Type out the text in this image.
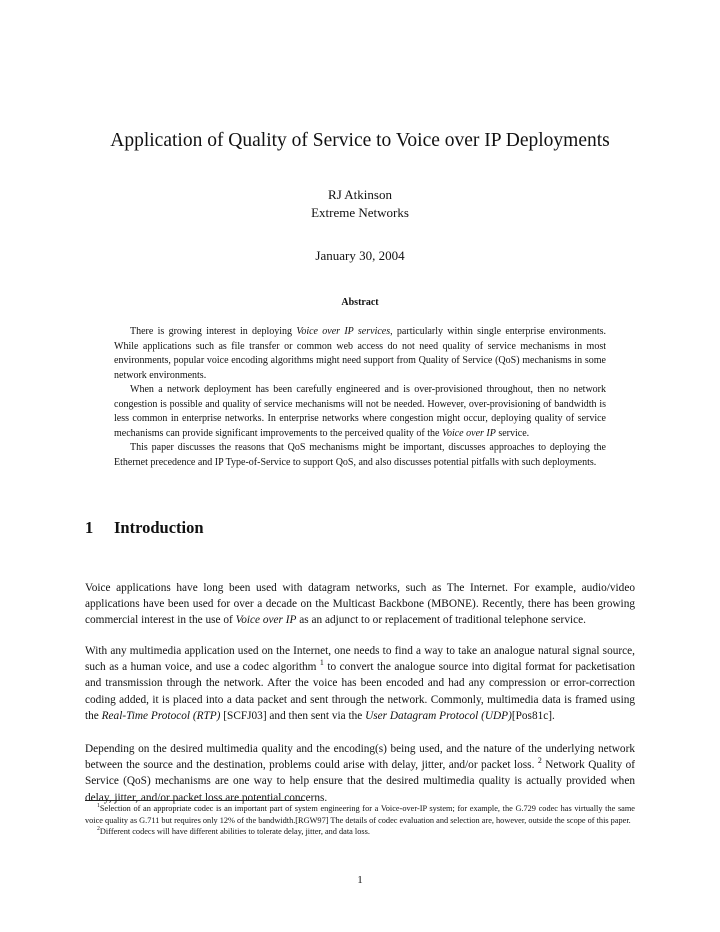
Application of Quality of Service to Voice over IP Deployments
RJ Atkinson
Extreme Networks
January 30, 2004
Abstract

There is growing interest in deploying Voice over IP services, particularly within single enterprise environments. While applications such as file transfer or common web access do not need quality of service mechanisms in most environments, popular voice encoding algorithms might need support from Quality of Service (QoS) mechanisms in some network environments.

When a network deployment has been carefully engineered and is over-provisioned throughout, then no network congestion is possible and quality of service mechanisms will not be needed. However, over-provisioning of bandwidth is less common in enterprise networks. In enterprise networks where congestion might occur, deploying quality of service mechanisms can provide significant improvements to the perceived quality of the Voice over IP service.

This paper discusses the reasons that QoS mechanisms might be important, discusses approaches to deploying the Ethernet precedence and IP Type-of-Service to support QoS, and also discusses potential pitfalls with such deployments.

1 Introduction

Voice applications have long been used with datagram networks, such as The Internet. For example, audio/video applications have been used for over a decade on the Multicast Backbone (MBONE). Recently, there has been growing commercial interest in the use of Voice over IP as an adjunct to or replacement of traditional telephone service.

With any multimedia application used on the Internet, one needs to find a way to take an analogue natural signal source, such as a human voice, and use a codec algorithm $^1$ to convert the analogue source into digital format for packetisation and transmission through the network. After the voice has been encoded and had any compression or error-correction coding added, it is placed into a data packet and sent through the network. Commonly, multimedia data is framed using the Real-Time Protocol (RTP) [SCFJ03] and then sent via the User Datagram Protocol (UDP)[Pos81c].

Depending on the desired multimedia quality and the encoding(s) being used, and the nature of the underlying network between the source and the destination, problems could arise with delay, jitter, and/or packet loss. $^2$ Network Quality of Service (QoS) mechanisms are one way to help ensure that the desired multimedia quality is actually provided when delay, jitter, and/or packet loss are potential concerns.

$^1$Selection of an appropriate codec is an important part of system engineering for a Voice-over-IP system; for example, the G.729 codec has virtually the same voice quality as G.711 but requires only 12% of the bandwidth.[RGW97] The details of codec evaluation and selection are, however, outside the scope of this paper.

$^2$Different codecs will have different abilities to tolerate delay, jitter, and data loss.

1
